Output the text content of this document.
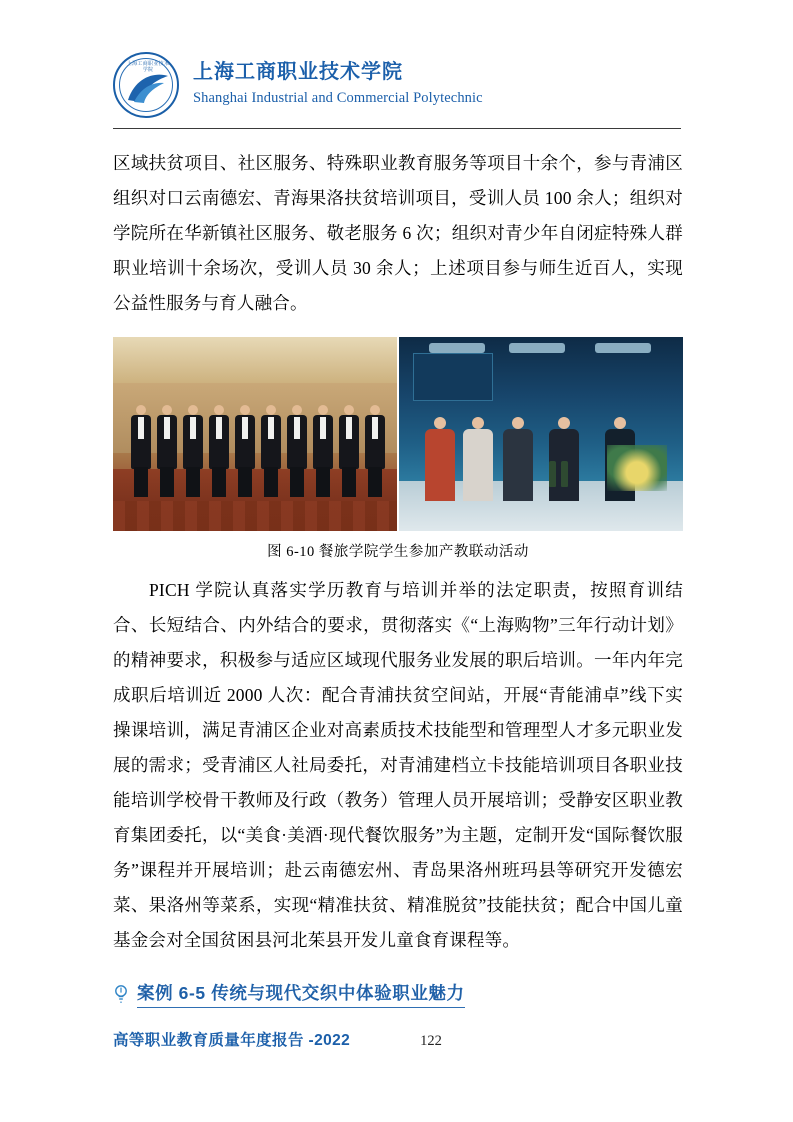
上海工商职业技术学院	上海工商职业技术学院
Shanghai Industrial and Commercial Polytechnic

区域扶贫项目、社区服务、特殊职业教育服务等项目十余个，参与青浦区组织对口云南德宏、青海果洛扶贫培训项目，受训人员 100 余人；组织对学院所在华新镇社区服务、敬老服务 6 次；组织对青少年自闭症特殊人群职业培训十余场次，受训人员 30 余人；上述项目参与师生近百人，实现公益性服务与育人融合。

图 6-10 餐旅学院学生参加产教联动活动

PICH 学院认真落实学历教育与培训并举的法定职责，按照育训结合、长短结合、内外结合的要求，贯彻落实《“上海购物”三年行动计划》的精神要求，积极参与适应区域现代服务业发展的职后培训。一年内年完成职后培训近 2000 人次：配合青浦扶贫空间站，开展“青能浦卓”线下实操课培训，满足青浦区企业对高素质技术技能型和管理型人才多元职业发展的需求；受青浦区人社局委托，对青浦建档立卡技能培训项目各职业技能培训学校骨干教师及行政（教务）管理人员开展培训；受静安区职业教育集团委托，以“美食·美酒·现代餐饮服务”为主题，定制开发“国际餐饮服务”课程并开展培训；赴云南德宏州、青岛果洛州班玛县等研究开发德宏菜、果洛州等菜系，实现“精准扶贫、精准脱贫”技能扶贫；配合中国儿童基金会对全国贫困县河北茱县开发儿童食育课程等。

案例 6-5 传统与现代交织中体验职业魅力
高等职业教育质量年度报告 -2022	122
